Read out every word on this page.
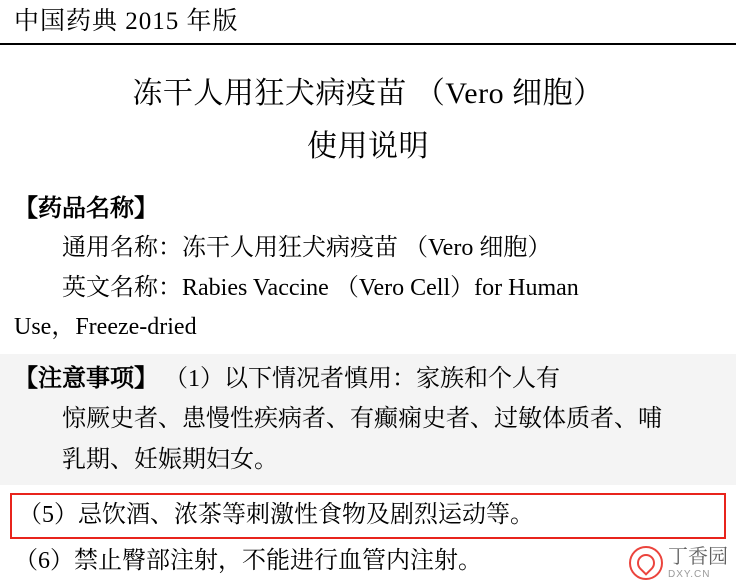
中国药典 2015 年版
冻干人用狂犬病疫苗 （Vero 细胞）
使用说明
【药品名称】
通用名称：冻干人用狂犬病疫苗 （Vero 细胞）
英文名称：Rabies Vaccine （Vero Cell）for Human
Use，Freeze-dried
【注意事项】 （1）以下情况者慎用：家族和个人有
惊厥史者、患慢性疾病者、有癫痫史者、过敏体质者、哺
乳期、妊娠期妇女。
（5）忌饮酒、浓茶等刺激性食物及剧烈运动等。
（6）禁止臀部注射，不能进行血管内注射。	丁香园
DXY.CN
